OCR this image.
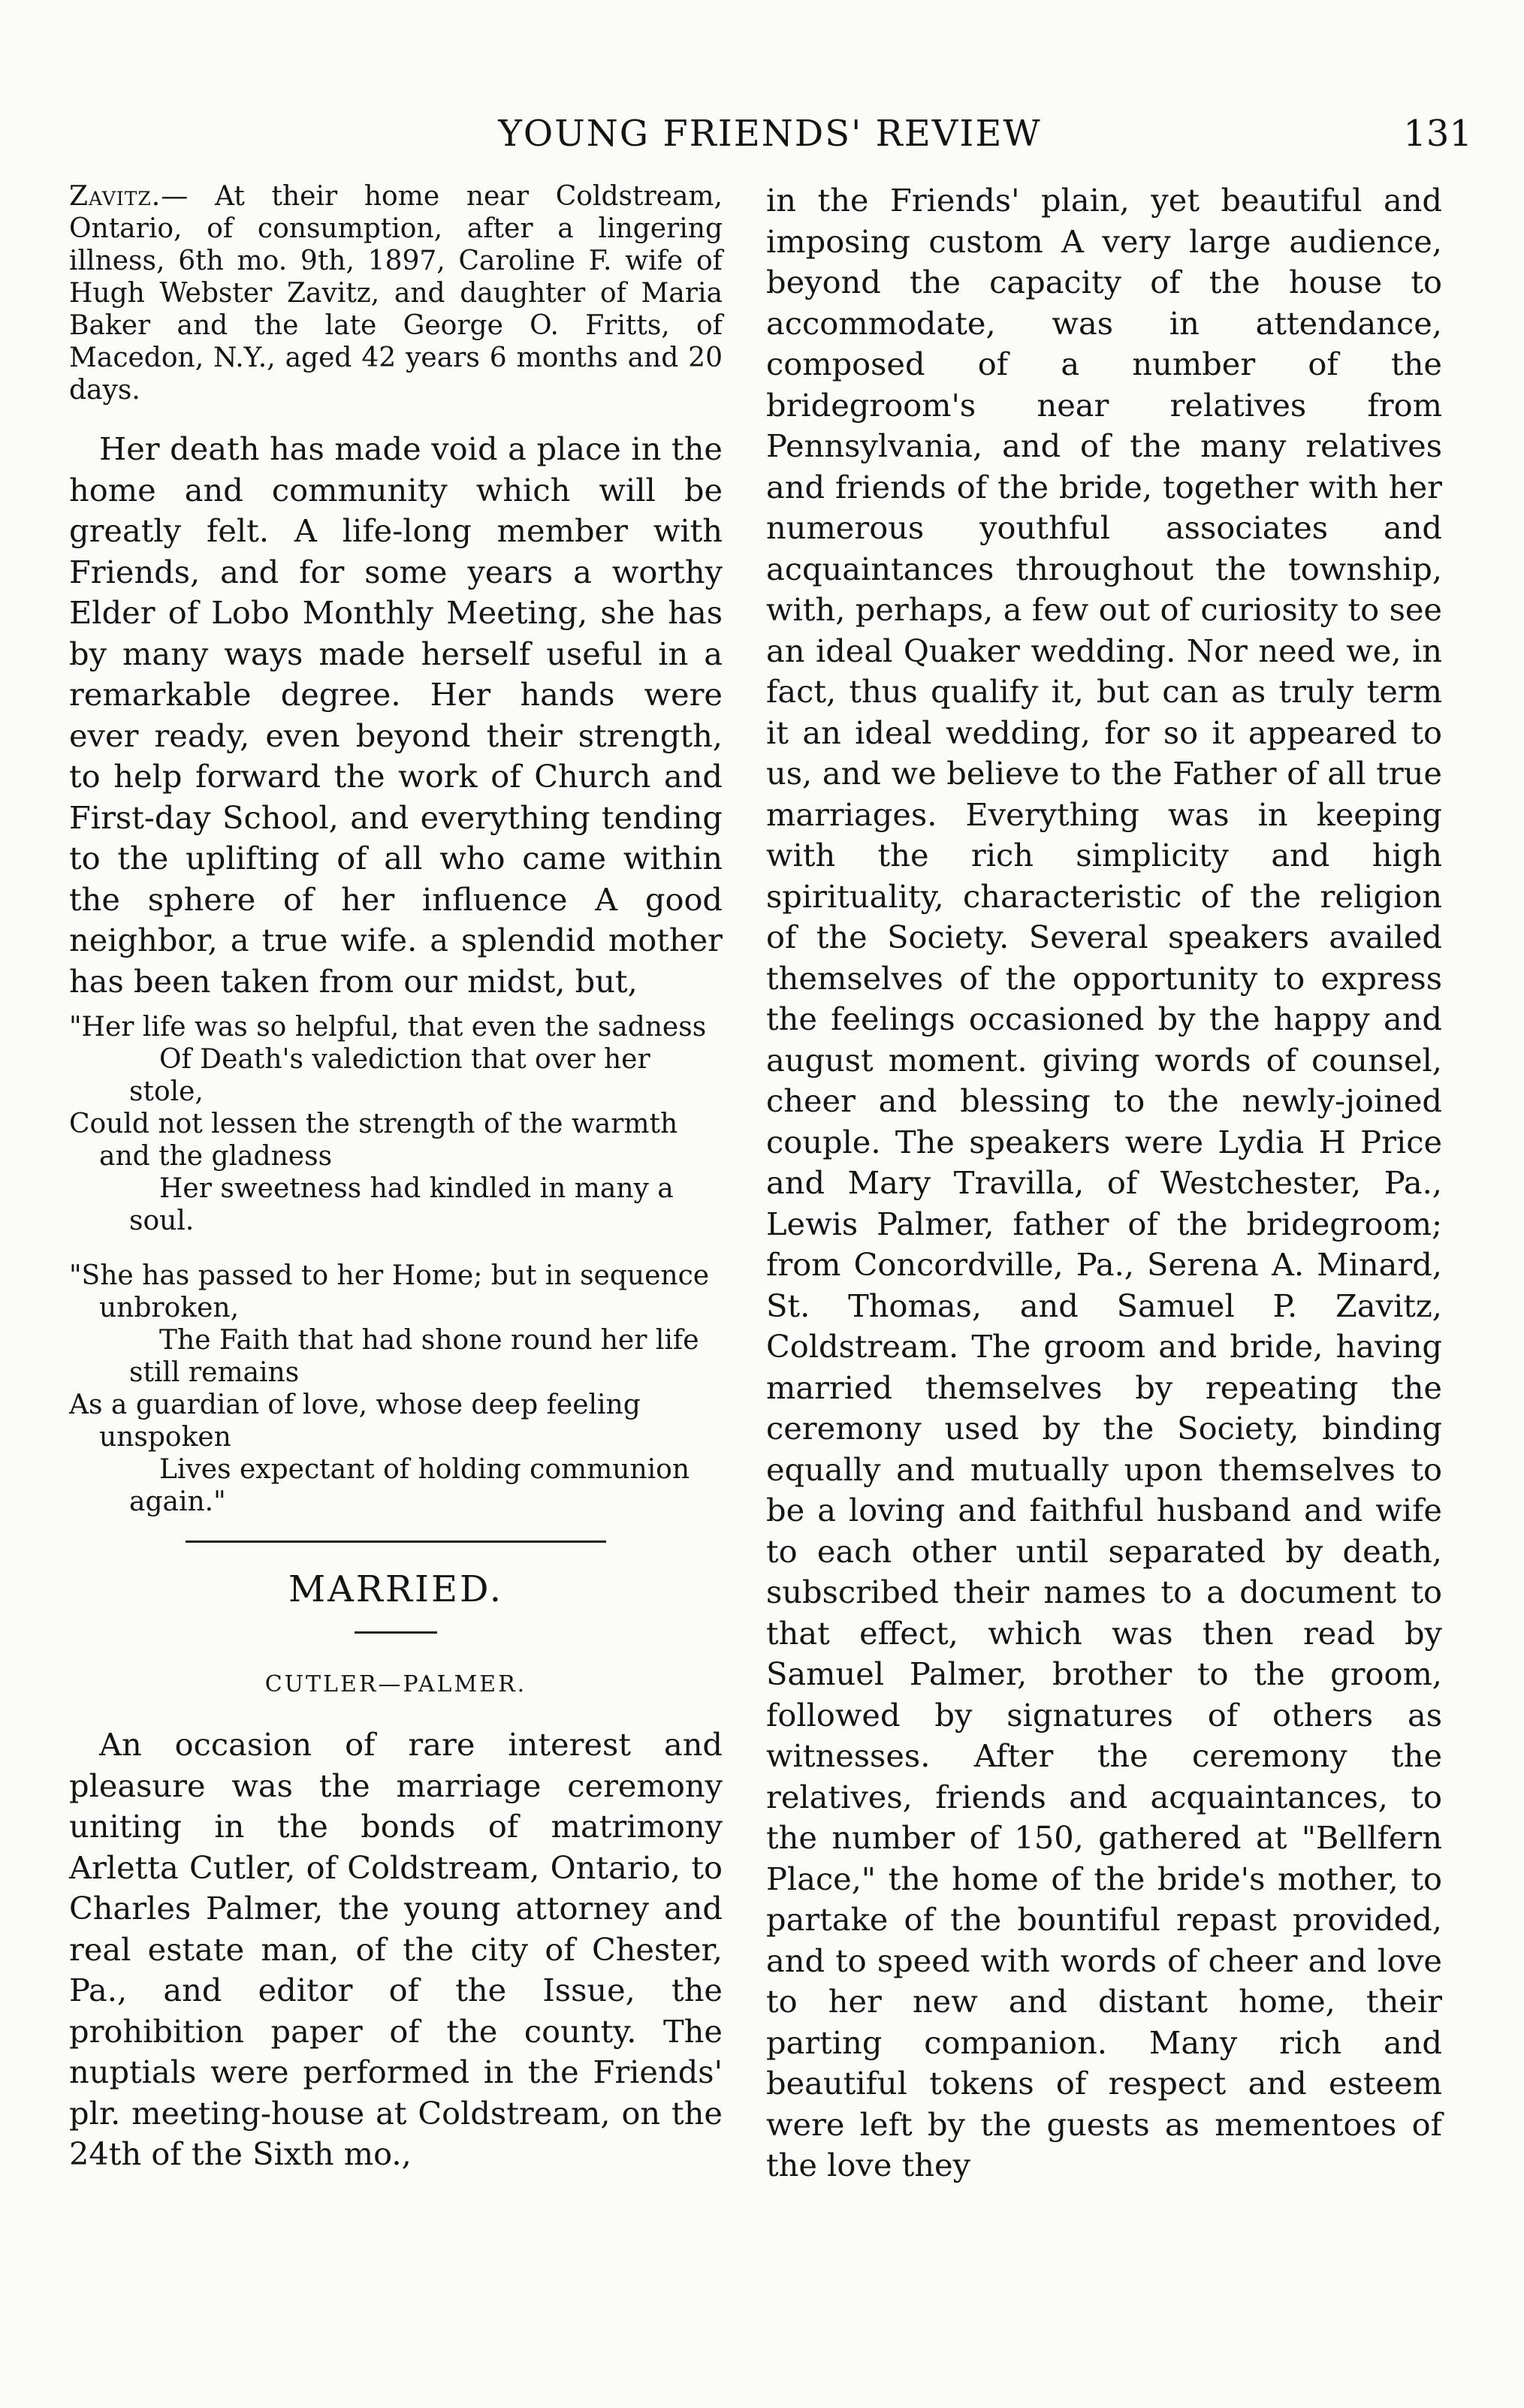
YOUNG FRIENDS' REVIEW	131

Zavitz.— At their home near Coldstream, Ontario, of consumption, after a lingering illness, 6th mo. 9th, 1897, Caroline F. wife of Hugh Webster Zavitz, and daughter of Maria Baker and the late George O. Fritts, of Macedon, N.Y., aged 42 years 6 months and 20 days.

Her death has made void a place in the home and community which will be greatly felt. A life-long member with Friends, and for some years a worthy Elder of Lobo Monthly Meeting, she has by many ways made herself useful in a remarkable degree. Her hands were ever ready, even beyond their strength, to help forward the work of Church and First-day School, and everything tending to the uplifting of all who came within the sphere of her influence A good neighbor, a true wife. a splendid mother has been taken from our midst, but,

"Her life was so helpful, that even the sadness
Of Death's valediction that over her stole,
Could not lessen the strength of the warmth and the gladness
Her sweetness had kindled in many a soul.
"She has passed to her Home; but in sequence unbroken,
The Faith that had shone round her life still remains
As a guardian of love, whose deep feeling unspoken
Lives expectant of holding communion again."
MARRIED.
CUTLER—PALMER.

An occasion of rare interest and pleasure was the marriage ceremony uniting in the bonds of matrimony Arletta Cutler, of Coldstream, Ontario, to Charles Palmer, the young attorney and real estate man, of the city of Chester, Pa., and editor of the Issue, the prohibition paper of the county. The nuptials were performed in the Friends' plr. meeting-house at Coldstream, on the 24th of the Sixth mo.,

in the Friends' plain, yet beautiful and imposing custom A very large audience, beyond the capacity of the house to accommodate, was in attendance, composed of a number of the bridegroom's near relatives from Pennsylvania, and of the many relatives and friends of the bride, together with her numerous youthful associates and acquaintances throughout the township, with, perhaps, a few out of curiosity to see an ideal Quaker wedding. Nor need we, in fact, thus qualify it, but can as truly term it an ideal wedding, for so it appeared to us, and we believe to the Father of all true marriages. Everything was in keeping with the rich simplicity and high spirituality, characteristic of the religion of the Society. Several speakers availed themselves of the opportunity to express the feelings occasioned by the happy and august moment. giving words of counsel, cheer and blessing to the newly-joined couple. The speakers were Lydia H Price and Mary Travilla, of Westchester, Pa., Lewis Palmer, father of the bridegroom; from Concordville, Pa., Serena A. Minard, St. Thomas, and Samuel P. Zavitz, Coldstream. The groom and bride, having married themselves by repeating the ceremony used by the Society, binding equally and mutually upon themselves to be a loving and faithful husband and wife to each other until separated by death, subscribed their names to a document to that effect, which was then read by Samuel Palmer, brother to the groom, followed by signatures of others as witnesses. After the ceremony the relatives, friends and acquaintances, to the number of 150, gathered at "Bellfern Place," the home of the bride's mother, to partake of the bountiful repast provided, and to speed with words of cheer and love to her new and distant home, their parting companion. Many rich and beautiful tokens of respect and esteem were left by the guests as mementoes of the love they
